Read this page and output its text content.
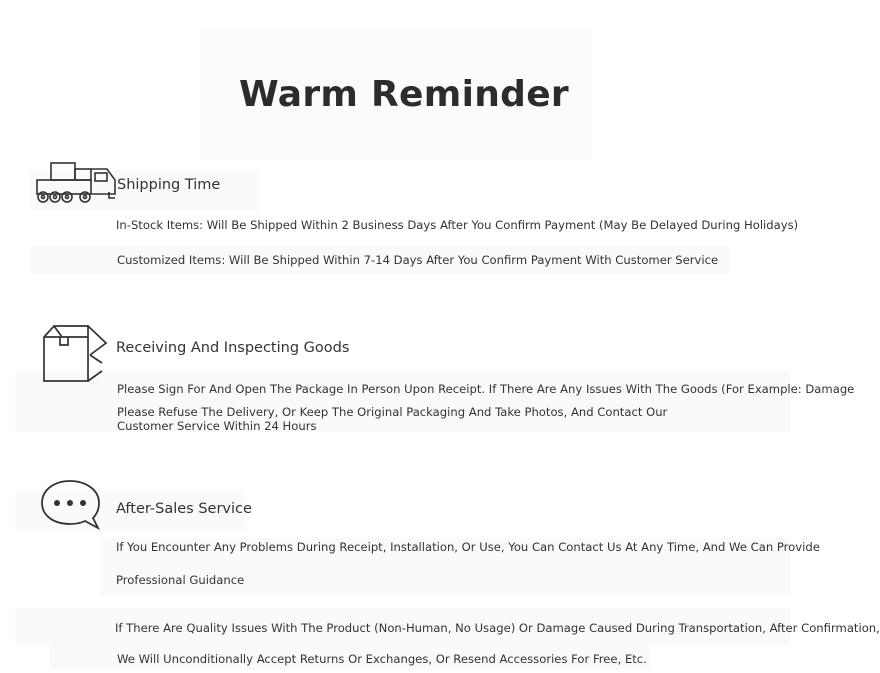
Warm Reminder
Shipping Time
In-Stock Items: Will Be Shipped Within 2 Business Days After You Confirm Payment (May Be Delayed During Holidays)
Customized Items: Will Be Shipped Within 7-14 Days After You Confirm Payment With Customer Service
Receiving And Inspecting Goods
Please Sign For And Open The Package In Person Upon Receipt. If There Are Any Issues With The Goods (For Example: Damage
Please Refuse The Delivery, Or Keep The Original Packaging And Take Photos, And Contact Our Customer Service Within 24 Hours
After-Sales Service
If You Encounter Any Problems During Receipt, Installation, Or Use, You Can Contact Us At Any Time, And We Can Provide
Professional Guidance
If There Are Quality Issues With The Product (Non-Human, No Usage) Or Damage Caused During Transportation, After Confirmation,
We Will Unconditionally Accept Returns Or Exchanges, Or Resend Accessories For Free, Etc.
